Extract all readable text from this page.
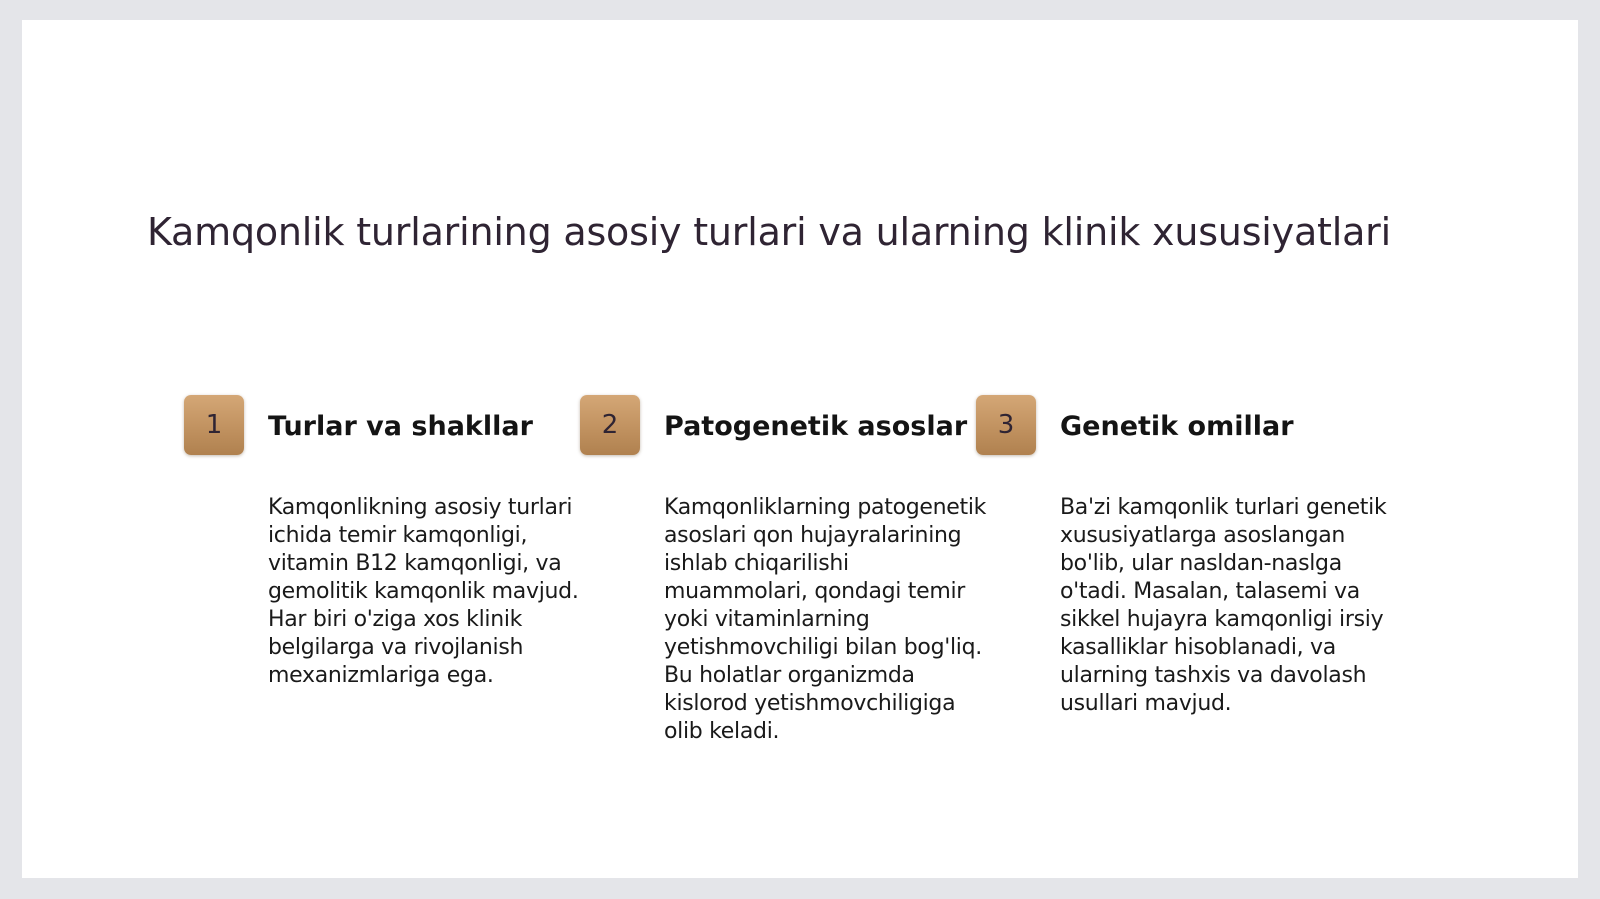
Kamqonlik turlarining asosiy turlari va ularning klinik xususiyatlari
1	Turlar va shakllar

Kamqonlikning asosiy turlari ichida temir kamqonligi, vitamin B12 kamqonligi, va gemolitik kamqonlik mavjud. Har biri o'ziga xos klinik belgilarga va rivojlanish mexanizmlariga ega.

2	Patogenetik asoslar

Kamqonliklarning patogenetik asoslari qon hujayralarining ishlab chiqarilishi muammolari, qondagi temir yoki vitaminlarning yetishmovchiligi bilan bog'liq. Bu holatlar organizmda kislorod yetishmovchiligiga olib keladi.

3	Genetik omillar

Ba'zi kamqonlik turlari genetik xususiyatlarga asoslangan bo'lib, ular nasldan-naslga o'tadi. Masalan, talasemi va sikkel hujayra kamqonligi irsiy kasalliklar hisoblanadi, va ularning tashxis va davolash usullari mavjud.
